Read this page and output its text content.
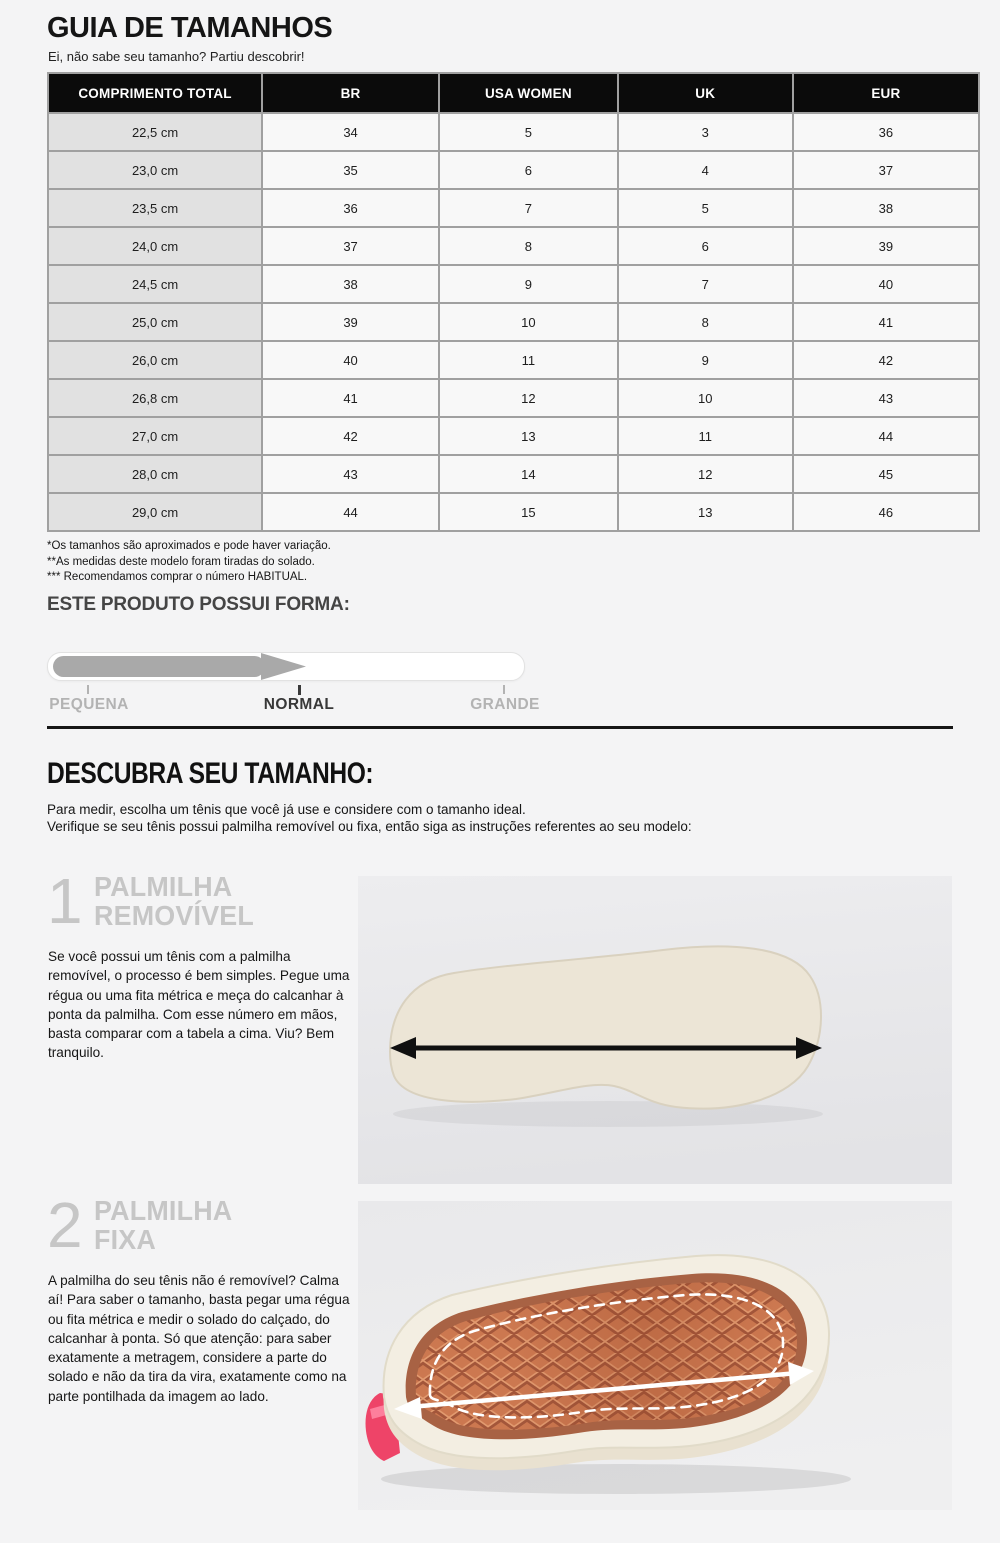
GUIA DE TAMANHOS

Ei, não sabe seu tamanho? Partiu descobrir!

COMPRIMENTO TOTAL	BR	USA WOMEN	UK	EUR
22,5 cm	34	5	3	36
23,0 cm	35	6	4	37
23,5 cm	36	7	5	38
24,0 cm	37	8	6	39
24,5 cm	38	9	7	40
25,0 cm	39	10	8	41
26,0 cm	40	11	9	42
26,8 cm	41	12	10	43
27,0 cm	42	13	11	44
28,0 cm	43	14	12	45
29,0 cm	44	15	13	46

*Os tamanhos são aproximados e pode haver variação.

**As medidas deste modelo foram tiradas do solado.

*** Recomendamos comprar o número HABITUAL.

ESTE PRODUTO POSSUI FORMA:
PEQUENA	NORMAL	GRANDE
DESCUBRA SEU TAMANHO:

Para medir, escolha um tênis que você já use e considere com o tamanho ideal.

Verifique se seu tênis possui palmilha removível ou fixa, então siga as instruções referentes ao seu modelo:

1 PALMILHA
REMOVÍVEL

Se você possui um tênis com a palmilha removível, o processo é bem simples. Pegue uma régua ou uma fita métrica e meça do calcanhar à ponta da palmilha. Com esse número em mãos, basta comparar com a tabela a cima. Viu? Bem tranquilo.

2 PALMILHA
FIXA

A palmilha do seu tênis não é removível? Calma aí! Para saber o tamanho, basta pegar uma régua ou fita métrica e medir o solado do calçado, do calcanhar à ponta. Só que atenção: para saber exatamente a metragem, considere a parte do solado e não da tira da vira, exatamente como na parte pontilhada da imagem ao lado.
